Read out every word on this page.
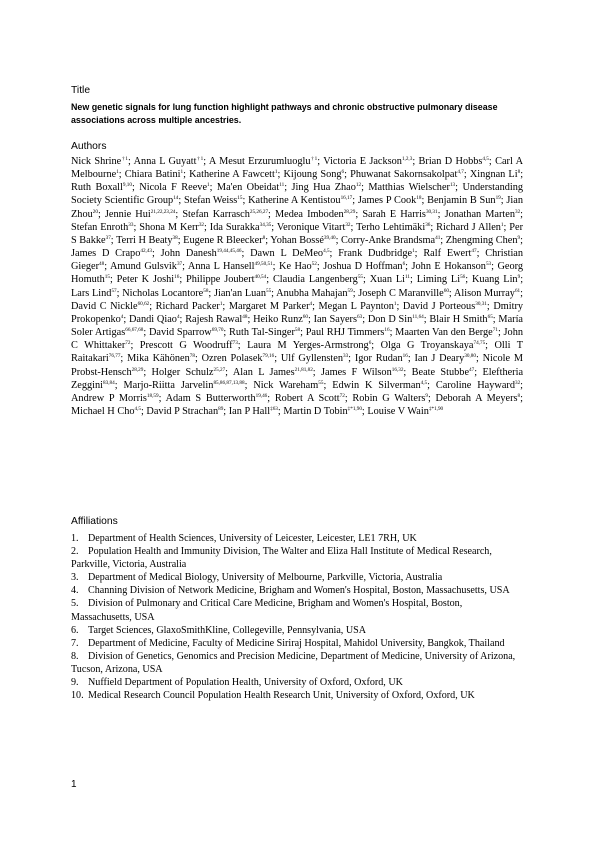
Title

New genetic signals for lung function highlight pathways and chronic obstructive pulmonary disease associations across multiple ancestries.

Authors

Nick Shrine$^{\dagger 1}$; Anna L Guyatt$^{\dagger 1}$; A Mesut Erzurumluoglu$^{\dagger 1}$; Victoria E Jackson$^{1,2,3}$; Brian D Hobbs$^{4,5}$; Carl A Melbourne$^1$; Chiara Batini$^1$; Katherine A Fawcett$^1$; Kijoung Song$^6$; Phuwanat Sakornsakolpat$^{4,7}$; Xingnan Li$^8$; Ruth Boxall$^{9,10}$; Nicola F Reeve$^1$; Ma'en Obeidat$^{11}$; Jing Hua Zhao$^{12}$; Matthias Wielscher$^{13}$; Understanding Society Scientific Group$^{14}$; Stefan Weiss$^{15}$; Katherine A Kentistou$^{16,17}$; James P Cook$^{18}$; Benjamin B Sun$^{19}$; Jian Zhou$^{20}$; Jennie Hui$^{21,22,23,24}$; Stefan Karrasch$^{25,26,27}$; Medea Imboden$^{28,29}$; Sarah E Harris$^{30,31}$; Jonathan Marten$^{32}$; Stefan Enroth$^{33}$; Shona M Kerr$^{32}$; Ida Surakka$^{34,35}$; Veronique Vitart$^{32}$; Terho Lehtimäki$^{36}$; Richard J Allen$^1$; Per S Bakke$^{37}$; Terri H Beaty$^{38}$; Eugene R Bleecker$^8$; Yohan Bossé$^{39,40}$; Corry-Anke Brandsma$^{41}$; Zhengming Chen$^9$; James D Crapo$^{42,43}$; John Danesh$^{19,44,45,46}$; Dawn L DeMeo$^{4,5}$; Frank Dudbridge$^1$; Ralf Ewert$^{47}$; Christian Gieger$^{48}$; Amund Gulsvik$^{37}$; Anna L Hansell$^{49,50,51}$; Ke Hao$^{52}$; Joshua D Hoffman$^6$; John E Hokanson$^{53}$; Georg Homuth$^{15}$; Peter K Joshi$^{16}$; Philippe Joubert$^{40,54}$; Claudia Langenberg$^{55}$; Xuan Li$^{11}$; Liming Li$^{56}$; Kuang Lin$^9$; Lars Lind$^{57}$; Nicholas Locantore$^{58}$; Jian'an Luan$^{55}$; Anubha Mahajan$^{59}$; Joseph C Maranville$^{60}$; Alison Murray$^{61}$; David C Nickle$^{60,62}$; Richard Packer$^1$; Margaret M Parker$^4$; Megan L Paynton$^1$; David J Porteous$^{30,31}$; Dmitry Prokopenko$^4$; Dandi Qiao$^4$; Rajesh Rawal$^{48}$; Heiko Runz$^{60}$; Ian Sayers$^{63}$; Don D Sin$^{11,64}$; Blair H Smith$^{65}$; María Soler Artigas$^{66,67,68}$; David Sparrow$^{69,70}$; Ruth Tal-Singer$^{58}$; Paul RHJ Timmers$^{16}$; Maarten Van den Berge$^{71}$; John C Whittaker$^{72}$; Prescott G Woodruff$^{73}$; Laura M Yerges-Armstrong$^6$; Olga G Troyanskaya$^{74,75}$; Olli T Raitakari$^{76,77}$; Mika Kähönen$^{78}$; Ozren Polasek$^{79,16}$; Ulf Gyllensten$^{33}$; Igor Rudan$^{16}$; Ian J Deary$^{30,80}$; Nicole M Probst-Hensch$^{28,29}$; Holger Schulz$^{25,27}$; Alan L James$^{21,81,82}$; James F Wilson$^{16,32}$; Beate Stubbe$^{47}$; Eleftheria Zeggini$^{83,84}$; Marjo-Riitta Jarvelin$^{85,86,87,13,88}$; Nick Wareham$^{55}$; Edwin K Silverman$^{4,5}$; Caroline Hayward$^{32}$; Andrew P Morris$^{18,59}$; Adam S Butterworth$^{19,46}$; Robert A Scott$^{72}$; Robin G Walters$^9$; Deborah A Meyers$^8$; Michael H Cho$^{4,5}$; David P Strachan$^{89}$; Ian P Hall$^{\ddagger 63}$; Martin D Tobin$^{\ddagger*1,90}$; Louise V Wain$^{\ddagger*1,90}$

Affiliations

1. Department of Health Sciences, University of Leicester, Leicester, LE1 7RH, UK

2. Population Health and Immunity Division, The Walter and Eliza Hall Institute of Medical Research, Parkville, Victoria, Australia

3. Department of Medical Biology, University of Melbourne, Parkville, Victoria, Australia

4. Channing Division of Network Medicine, Brigham and Women's Hospital, Boston, Massachusetts, USA

5. Division of Pulmonary and Critical Care Medicine, Brigham and Women's Hospital, Boston, Massachusetts, USA

6. Target Sciences, GlaxoSmithKline, Collegeville, Pennsylvania, USA

7. Department of Medicine, Faculty of Medicine Siriraj Hospital, Mahidol University, Bangkok, Thailand

8. Division of Genetics, Genomics and Precision Medicine, Department of Medicine, University of Arizona, Tucson, Arizona, USA

9. Nuffield Department of Population Health, University of Oxford, Oxford, UK

10. Medical Research Council Population Health Research Unit, University of Oxford, Oxford, UK

1
